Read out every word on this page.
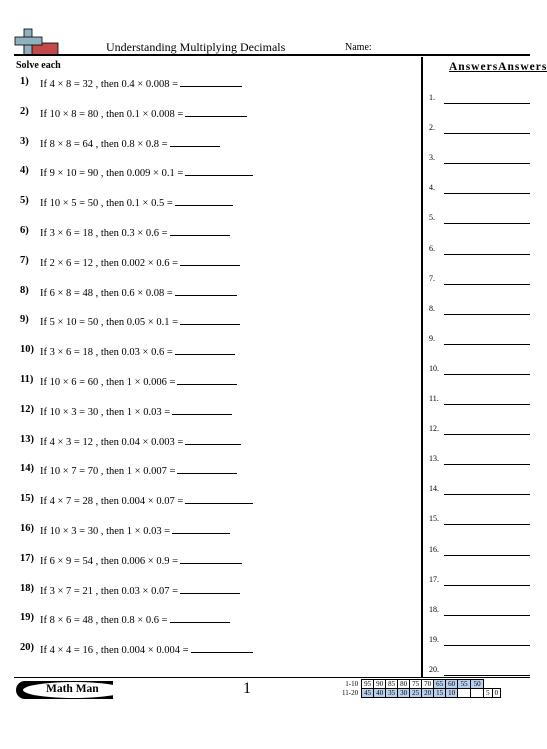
Understanding Multiplying Decimals	Name:
Solve each
1) If 4 × 8 = 32 , then 0.4 × 0.008 =
2) If 10 × 8 = 80 , then 0.1 × 0.008 =
3) If 8 × 8 = 64 , then 0.8 × 0.8 =
4) If 9 × 10 = 90 , then 0.009 × 0.1 =
5) If 10 × 5 = 50 , then 0.1 × 0.5 =
6) If 3 × 6 = 18 , then 0.3 × 0.6 =
7) If 2 × 6 = 12 , then 0.002 × 0.6 =
8) If 6 × 8 = 48 , then 0.6 × 0.08 =
9) If 5 × 10 = 50 , then 0.05 × 0.1 =
10) If 3 × 6 = 18 , then 0.03 × 0.6 =
11) If 10 × 6 = 60 , then 1 × 0.006 =
12) If 10 × 3 = 30 , then 1 × 0.03 =
13) If 4 × 3 = 12 , then 0.04 × 0.003 =
14) If 10 × 7 = 70 , then 1 × 0.007 =
15) If 4 × 7 = 28 , then 0.004 × 0.07 =
16) If 10 × 3 = 30 , then 1 × 0.03 =
17) If 6 × 9 = 54 , then 0.006 × 0.9 =
18) If 3 × 7 = 21 , then 0.03 × 0.07 =
19) If 8 × 6 = 48 , then 0.8 × 0.6 =
20) If 4 × 4 = 16 , then 0.004 × 0.004 =
AnswersAnswers
1.
2.
3.
4.
5.
6.
7.
8.
9.
10.
11.
12.
13.
14.
15.
16.
17.
18.
19.
20.
Math Man	1	1-10	95	90	85	80	75	70	65	60	55	50		
11-20	45	40	35	30	25	20	15	10			5	0
